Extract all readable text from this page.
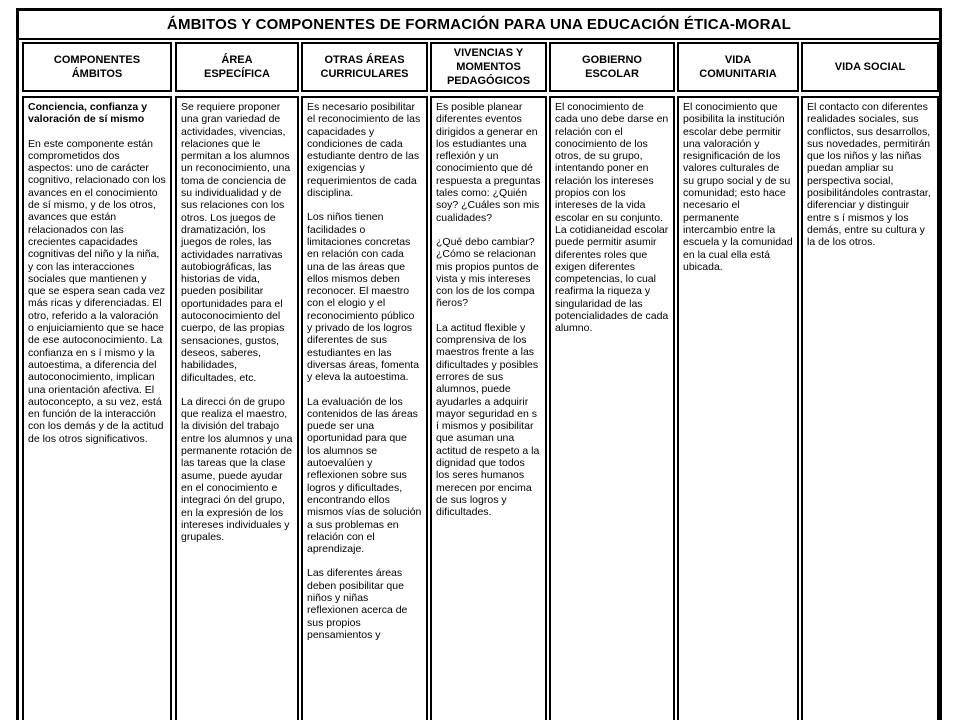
ÁMBITOS Y COMPONENTES DE FORMACIÓN PARA UNA EDUCACIÓN ÉTICA-MORAL
COMPONENTES
ÁMBITOS
Conciencia, confianza y valoración de sí mismo
En este componente están comprometidos dos aspectos: uno de carácter cognitivo, relacionado con los avances en el conocimiento de sí mismo, y de los otros, avances que están relacionados con las crecientes capacidades cognitivas del niño y la niña, y con las interacciones sociales que mantienen y que se espera sean cada vez más ricas y diferenciadas. El otro, referido a la valoración o enjuiciamiento que se hace de ese autoconocimiento. La confianza en s í mismo y la autoestima, a diferencia del autoconocimiento, implican una orientación afectiva. El autoconcepto, a su vez, está en función de la interacción con los demás y de la actitud de los otros significativos.
ÁREA
ESPECÍFICA
Se requiere proponer una gran variedad de actividades, vivencias, relaciones que le permitan a los alumnos un reconocimiento, una toma de conciencia de su individualidad y de sus relaciones con los otros. Los juegos de dramatización, los juegos de roles, las actividades narrativas autobiográficas, las historias de vida, pueden posibilitar oportunidades para el autoconocimiento del cuerpo, de las propias sensaciones, gustos, deseos, saberes, habilidades, dificultades, etc.
La direcci ón de grupo que realiza el maestro, la división del trabajo entre los alumnos y una permanente rotación de las tareas que la clase asume, puede ayudar en el conocimiento e integraci ón del grupo, en la expresión de los intereses individuales y grupales.
OTRAS ÁREAS
CURRICULARES
Es necesario posibilitar el reconocimiento de las capacidades y condiciones de cada estudiante dentro de las exigencias y requerimientos de cada disciplina.
Los niños tienen facilidades o limitaciones concretas en relación con cada una de las áreas que ellos mismos deben reconocer. El maestro con el elogio y el reconocimiento público y privado de los logros diferentes de sus estudiantes en las diversas áreas, fomenta y eleva la autoestima.
La evaluación de los contenidos de las áreas puede ser una oportunidad para que los alumnos se autoevalúen y reflexionen sobre sus logros y dificultades, encontrando ellos mismos vías de solución a sus problemas en relación con el aprendizaje.
Las diferentes áreas deben posibilitar que niños y niñas reflexionen acerca de sus propios pensamientos y
VIVENCIAS Y
MOMENTOS
PEDAGÓGICOS
Es posible planear diferentes eventos dirigidos a generar en los estudiantes una reflexión y un conocimiento que dé respuesta a preguntas tales como: ¿Quién soy? ¿Cuáles son mis cualidades?
¿Qué debo cambiar? ¿Cómo se relacionan mis propios puntos de vista y mis intereses con los de los compa ñeros?
La actitud flexible y comprensiva de los maestros frente a las dificultades y posibles errores de sus alumnos, puede ayudarles a adquirir mayor seguridad en s í mismos y posibilitar que asuman una actitud de respeto a la dignidad que todos los seres humanos merecen por encima de sus logros y dificultades.
GOBIERNO
ESCOLAR
El conocimiento de cada uno debe darse en relación con el conocimiento de los otros, de su grupo, intentando poner en relación los intereses propios con los intereses de la vida escolar en su conjunto. La cotidianeidad escolar puede permitir asumir diferentes roles que exigen diferentes competencias, lo cual reafirma la riqueza y singularidad de las potencialidades de cada alumno.
VIDA
COMUNITARIA
El conocimiento que posibilita la institución escolar debe permitir una valoración y resignificación de los valores culturales de su grupo social y de su comunidad; esto hace necesario el permanente intercambio entre la escuela y la comunidad en la cual ella está ubicada.
VIDA SOCIAL
El contacto con diferentes realidades sociales, sus conflictos, sus desarrollos, sus novedades, permitirán que los niños y las niñas puedan ampliar su perspectiva social, posibilitándoles contrastar, diferenciar y distinguir entre s í mismos y los demás, entre su cultura y la de los otros.
